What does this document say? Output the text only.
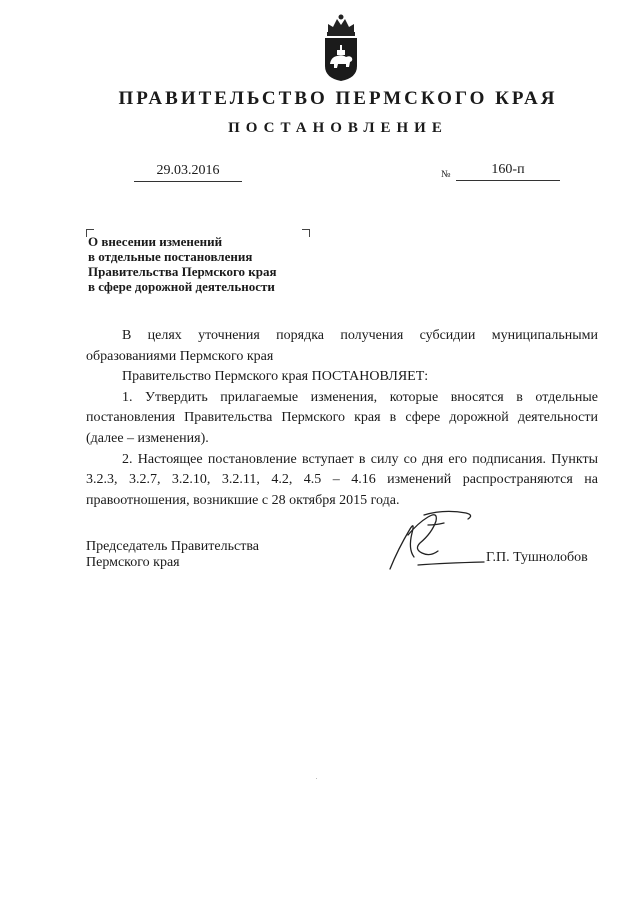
ПРАВИТЕЛЬСТВО ПЕРМСКОГО КРАЯ
ПОСТАНОВЛЕНИЕ
29.03.2016	№	160-п
О внесении изменений
в отдельные постановления
Правительства Пермского края
в сфере дорожной деятельности

В целях уточнения порядка получения субсидии муниципальными образованиями Пермского края

Правительство Пермского края ПОСТАНОВЛЯЕТ:

1. Утвердить прилагаемые изменения, которые вносятся в отдельные постановления Правительства Пермского края в сфере дорожной деятельности (далее – изменения).

2. Настоящее постановление вступает в силу со дня его подписания. Пункты 3.2.3, 3.2.7, 3.2.10, 3.2.11, 4.2, 4.5 – 4.16 изменений распространяются на правоотношения, возникшие с 28 октября 2015 года.

Председатель Правительства
Пермского края	Г.П. Тушнолобов
